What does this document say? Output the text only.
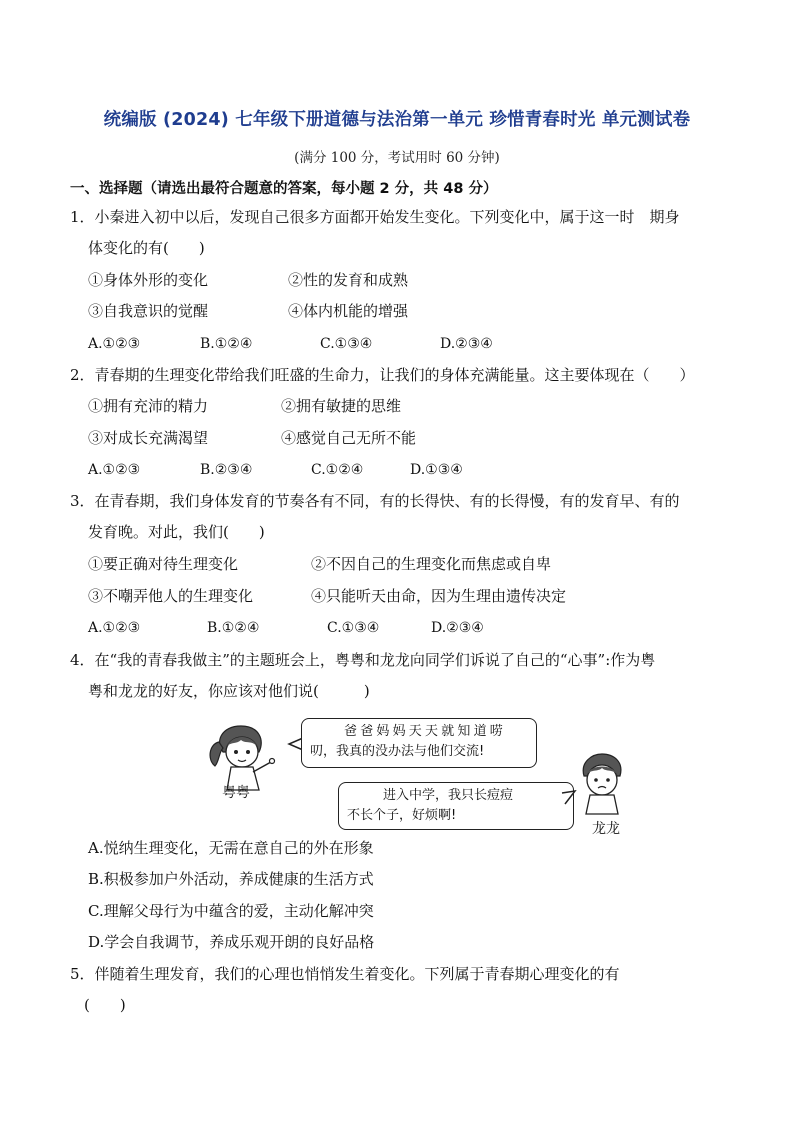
统编版 (2024) 七年级下册道德与法治第一单元 珍惜青春时光 单元测试卷
(满分 100 分，考试用时 60 分钟)
一、选择题（请选出最符合题意的答案，每小题 2 分，共 48 分）
1．小秦进入初中以后，发现自己很多方面都开始发生变化。下列变化中，属于这一时　期身
体变化的有(　　)
①身体外形的变化	②性的发育和成熟
③自我意识的觉醒	④体内机能的增强
A.①②③	B.①②④	C.①③④	D.②③④
2．青春期的生理变化带给我们旺盛的生命力，让我们的身体充满能量。这主要体现在（　　）
①拥有充沛的精力	②拥有敏捷的思维
③对成长充满渴望	④感觉自己无所不能
A.①②③	B.②③④	C.①②④	D.①③④
3．在青春期，我们身体发育的节奏各有不同，有的长得快、有的长得慢，有的发育早、有的
发育晚。对此，我们(　　)
①要正确对待生理变化	②不因自己的生理变化而焦虑或自卑
③不嘲弄他人的生理变化	④只能听天由命，因为生理由遗传决定
A.①②③	B.①②④	C.①③④	D.②③④
4．在“我的青春我做主”的主题班会上，粤粤和龙龙向同学们诉说了自己的“心事”:作为粤
粤和龙龙的好友，你应该对他们说(　　　)
粤粤
爸爸妈妈天天就知道唠
叨，我真的没办法与他们交流!
进入中学，我只长痘痘
不长个子，好烦啊!
龙龙
A.悦纳生理变化，无需在意自己的外在形象
B.积极参加户外活动，养成健康的生活方式
C.理解父母行为中蕴含的爱，主动化解冲突
D.学会自我调节，养成乐观开朗的良好品格
5．伴随着生理发育，我们的心理也悄悄发生着变化。下列属于青春期心理变化的有
(　　)
